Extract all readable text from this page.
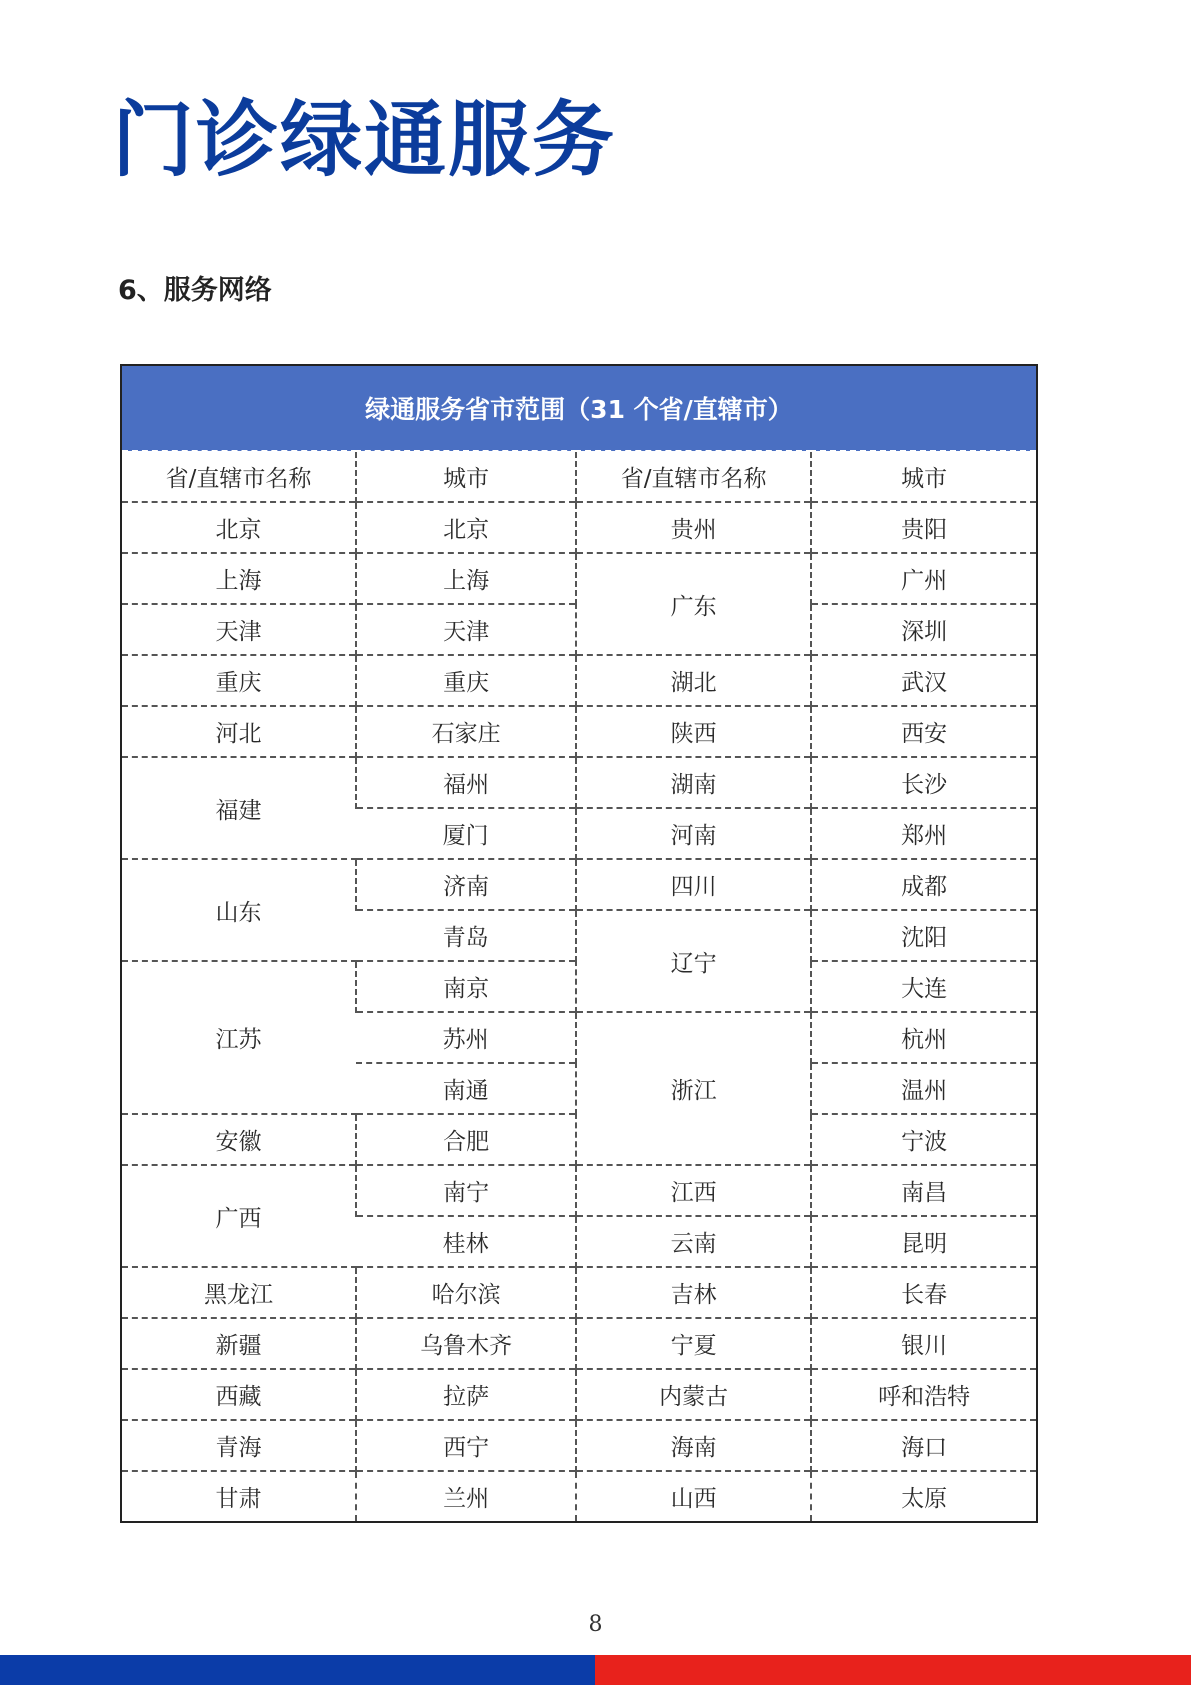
门诊绿通服务
6、服务网络
绿通服务省市范围（31 个省/直辖市）			
省/直辖市名称	城市	省/直辖市名称	城市
北京	北京	贵州	贵阳
上海	上海	广东	广州
天津	天津		深圳
重庆	重庆	湖北	武汉
河北	石家庄	陕西	西安
福建	福州	湖南	长沙
	厦门	河南	郑州
山东	济南	四川	成都
	青岛	辽宁	沈阳
江苏	南京		大连
	苏州	浙江	杭州
	南通		温州
安徽	合肥		宁波
广西	南宁	江西	南昌
	桂林	云南	昆明
黑龙江	哈尔滨	吉林	长春
新疆	乌鲁木齐	宁夏	银川
西藏	拉萨	内蒙古	呼和浩特
青海	西宁	海南	海口
甘肃	兰州	山西	太原
8
